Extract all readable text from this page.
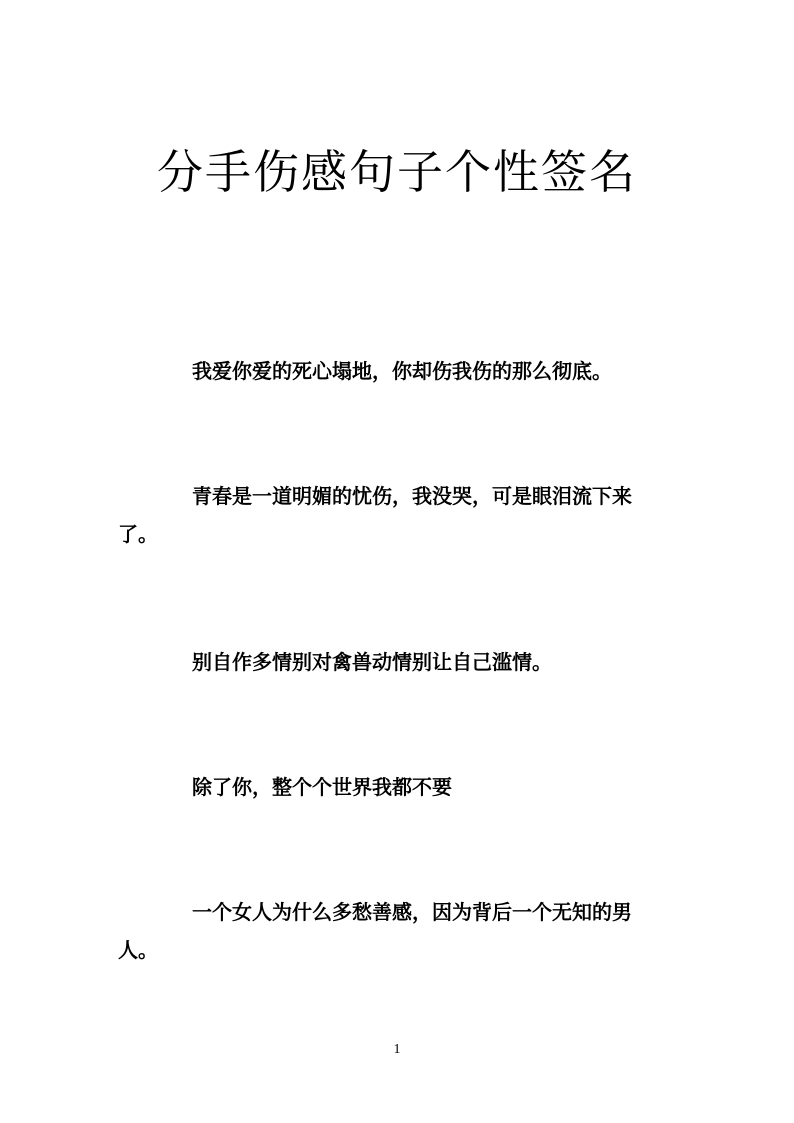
分手伤感句子个性签名

我爱你爱的死心塌地，你却伤我伤的那么彻底。

青春是一道明媚的忧伤，我没哭，可是眼泪流下来了。

别自作多情别对禽兽动情别让自己滥情。

除了你，整个个世界我都不要

一个女人为什么多愁善感，因为背后一个无知的男人。

1
